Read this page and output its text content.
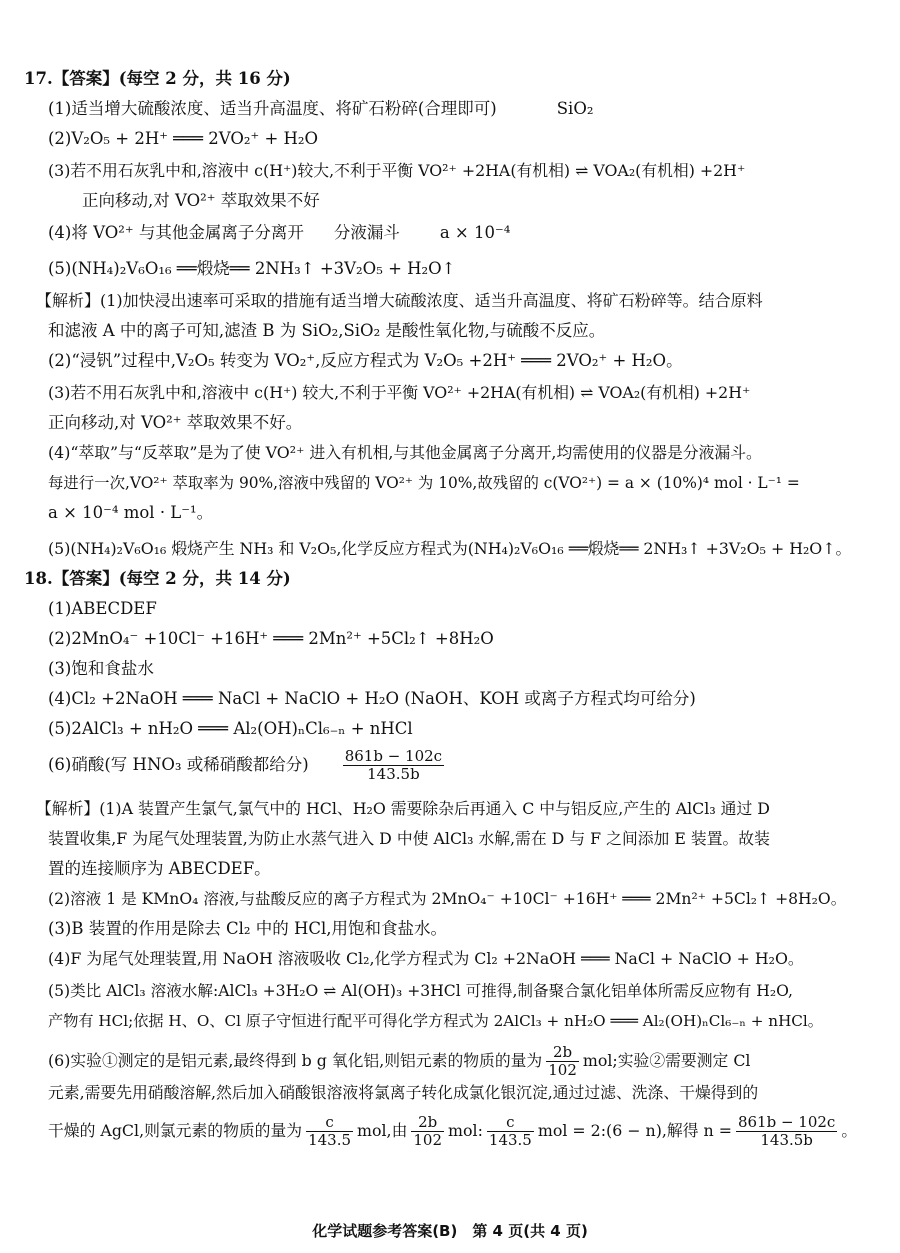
17.【答案】(每空 2 分，共 16 分)
(1)适当增大硫酸浓度、适当升高温度、将矿石粉碎(合理即可)	SiO₂
(2)V₂O₅ + 2H⁺ ═══ 2VO₂⁺ + H₂O
(3)若不用石灰乳中和,溶液中 c(H⁺)较大,不利于平衡 VO²⁺ +2HA(有机相) ⇌ VOA₂(有机相) +2H⁺
正向移动,对 VO²⁺ 萃取效果不好
(4)将 VO²⁺ 与其他金属离子分离开 分液漏斗 a × 10⁻⁴
(5)(NH₄)₂V₆O₁₆ ══煅烧══ 2NH₃↑ +3V₂O₅ + H₂O↑
【解析】(1)加快浸出速率可采取的措施有适当增大硫酸浓度、适当升高温度、将矿石粉碎等。结合原料
和滤液 A 中的离子可知,滤渣 B 为 SiO₂,SiO₂ 是酸性氧化物,与硫酸不反应。
(2)“浸钒”过程中,V₂O₅ 转变为 VO₂⁺,反应方程式为 V₂O₅ +2H⁺ ═══ 2VO₂⁺ + H₂O。
(3)若不用石灰乳中和,溶液中 c(H⁺) 较大,不利于平衡 VO²⁺ +2HA(有机相) ⇌ VOA₂(有机相) +2H⁺
正向移动,对 VO²⁺ 萃取效果不好。
(4)“萃取”与“反萃取”是为了使 VO²⁺ 进入有机相,与其他金属离子分离开,均需使用的仪器是分液漏斗。
每进行一次,VO²⁺ 萃取率为 90%,溶液中残留的 VO²⁺ 为 10%,故残留的 c(VO²⁺) = a × (10%)⁴ mol · L⁻¹ =
a × 10⁻⁴ mol · L⁻¹。
(5)(NH₄)₂V₆O₁₆ 煅烧产生 NH₃ 和 V₂O₅,化学反应方程式为(NH₄)₂V₆O₁₆ ══煅烧══ 2NH₃↑ +3V₂O₅ + H₂O↑。
18.【答案】(每空 2 分，共 14 分)
(1)ABECDEF
(2)2MnO₄⁻ +10Cl⁻ +16H⁺ ═══ 2Mn²⁺ +5Cl₂↑ +8H₂O
(3)饱和食盐水
(4)Cl₂ +2NaOH ═══ NaCl + NaClO + H₂O (NaOH、KOH 或离子方程式均可给分)
(5)2AlCl₃ + nH₂O ═══ Al₂(OH)ₙCl₆₋ₙ + nHCl
(6)硝酸(写 HNO₃ 或稀硝酸都给分) $\frac{861b - 102c}{143.5b}$
【解析】(1)A 装置产生氯气,氯气中的 HCl、H₂O 需要除杂后再通入 C 中与铝反应,产生的 AlCl₃ 通过 D
装置收集,F 为尾气处理装置,为防止水蒸气进入 D 中使 AlCl₃ 水解,需在 D 与 F 之间添加 E 装置。故装
置的连接顺序为 ABECDEF。
(2)溶液 1 是 KMnO₄ 溶液,与盐酸反应的离子方程式为 2MnO₄⁻ +10Cl⁻ +16H⁺ ═══ 2Mn²⁺ +5Cl₂↑ +8H₂O。
(3)B 装置的作用是除去 Cl₂ 中的 HCl,用饱和食盐水。
(4)F 为尾气处理装置,用 NaOH 溶液吸收 Cl₂,化学方程式为 Cl₂ +2NaOH ═══ NaCl + NaClO + H₂O。
(5)类比 AlCl₃ 溶液水解:AlCl₃ +3H₂O ⇌ Al(OH)₃ +3HCl 可推得,制备聚合氯化铝单体所需反应物有 H₂O,
产物有 HCl;依据 H、O、Cl 原子守恒进行配平可得化学方程式为 2AlCl₃ + nH₂O ═══ Al₂(OH)ₙCl₆₋ₙ + nHCl。
(6)实验①测定的是铝元素,最终得到 b g 氧化铝,则铝元素的物质的量为 $\frac{2b}{102}$ mol;实验②需要测定 Cl
元素,需要先用硝酸溶解,然后加入硝酸银溶液将氯离子转化成氯化银沉淀,通过过滤、洗涤、干燥得到的
干燥的 AgCl,则氯元素的物质的量为 $\frac{c}{143.5}$ mol,由 $\frac{2b}{102}$ mol: $\frac{c}{143.5}$ mol = 2:(6 − n),解得 $n = \frac{861b - 102c}{143.5b}$ 。
化学试题参考答案(B)　第 4 页(共 4 页)
